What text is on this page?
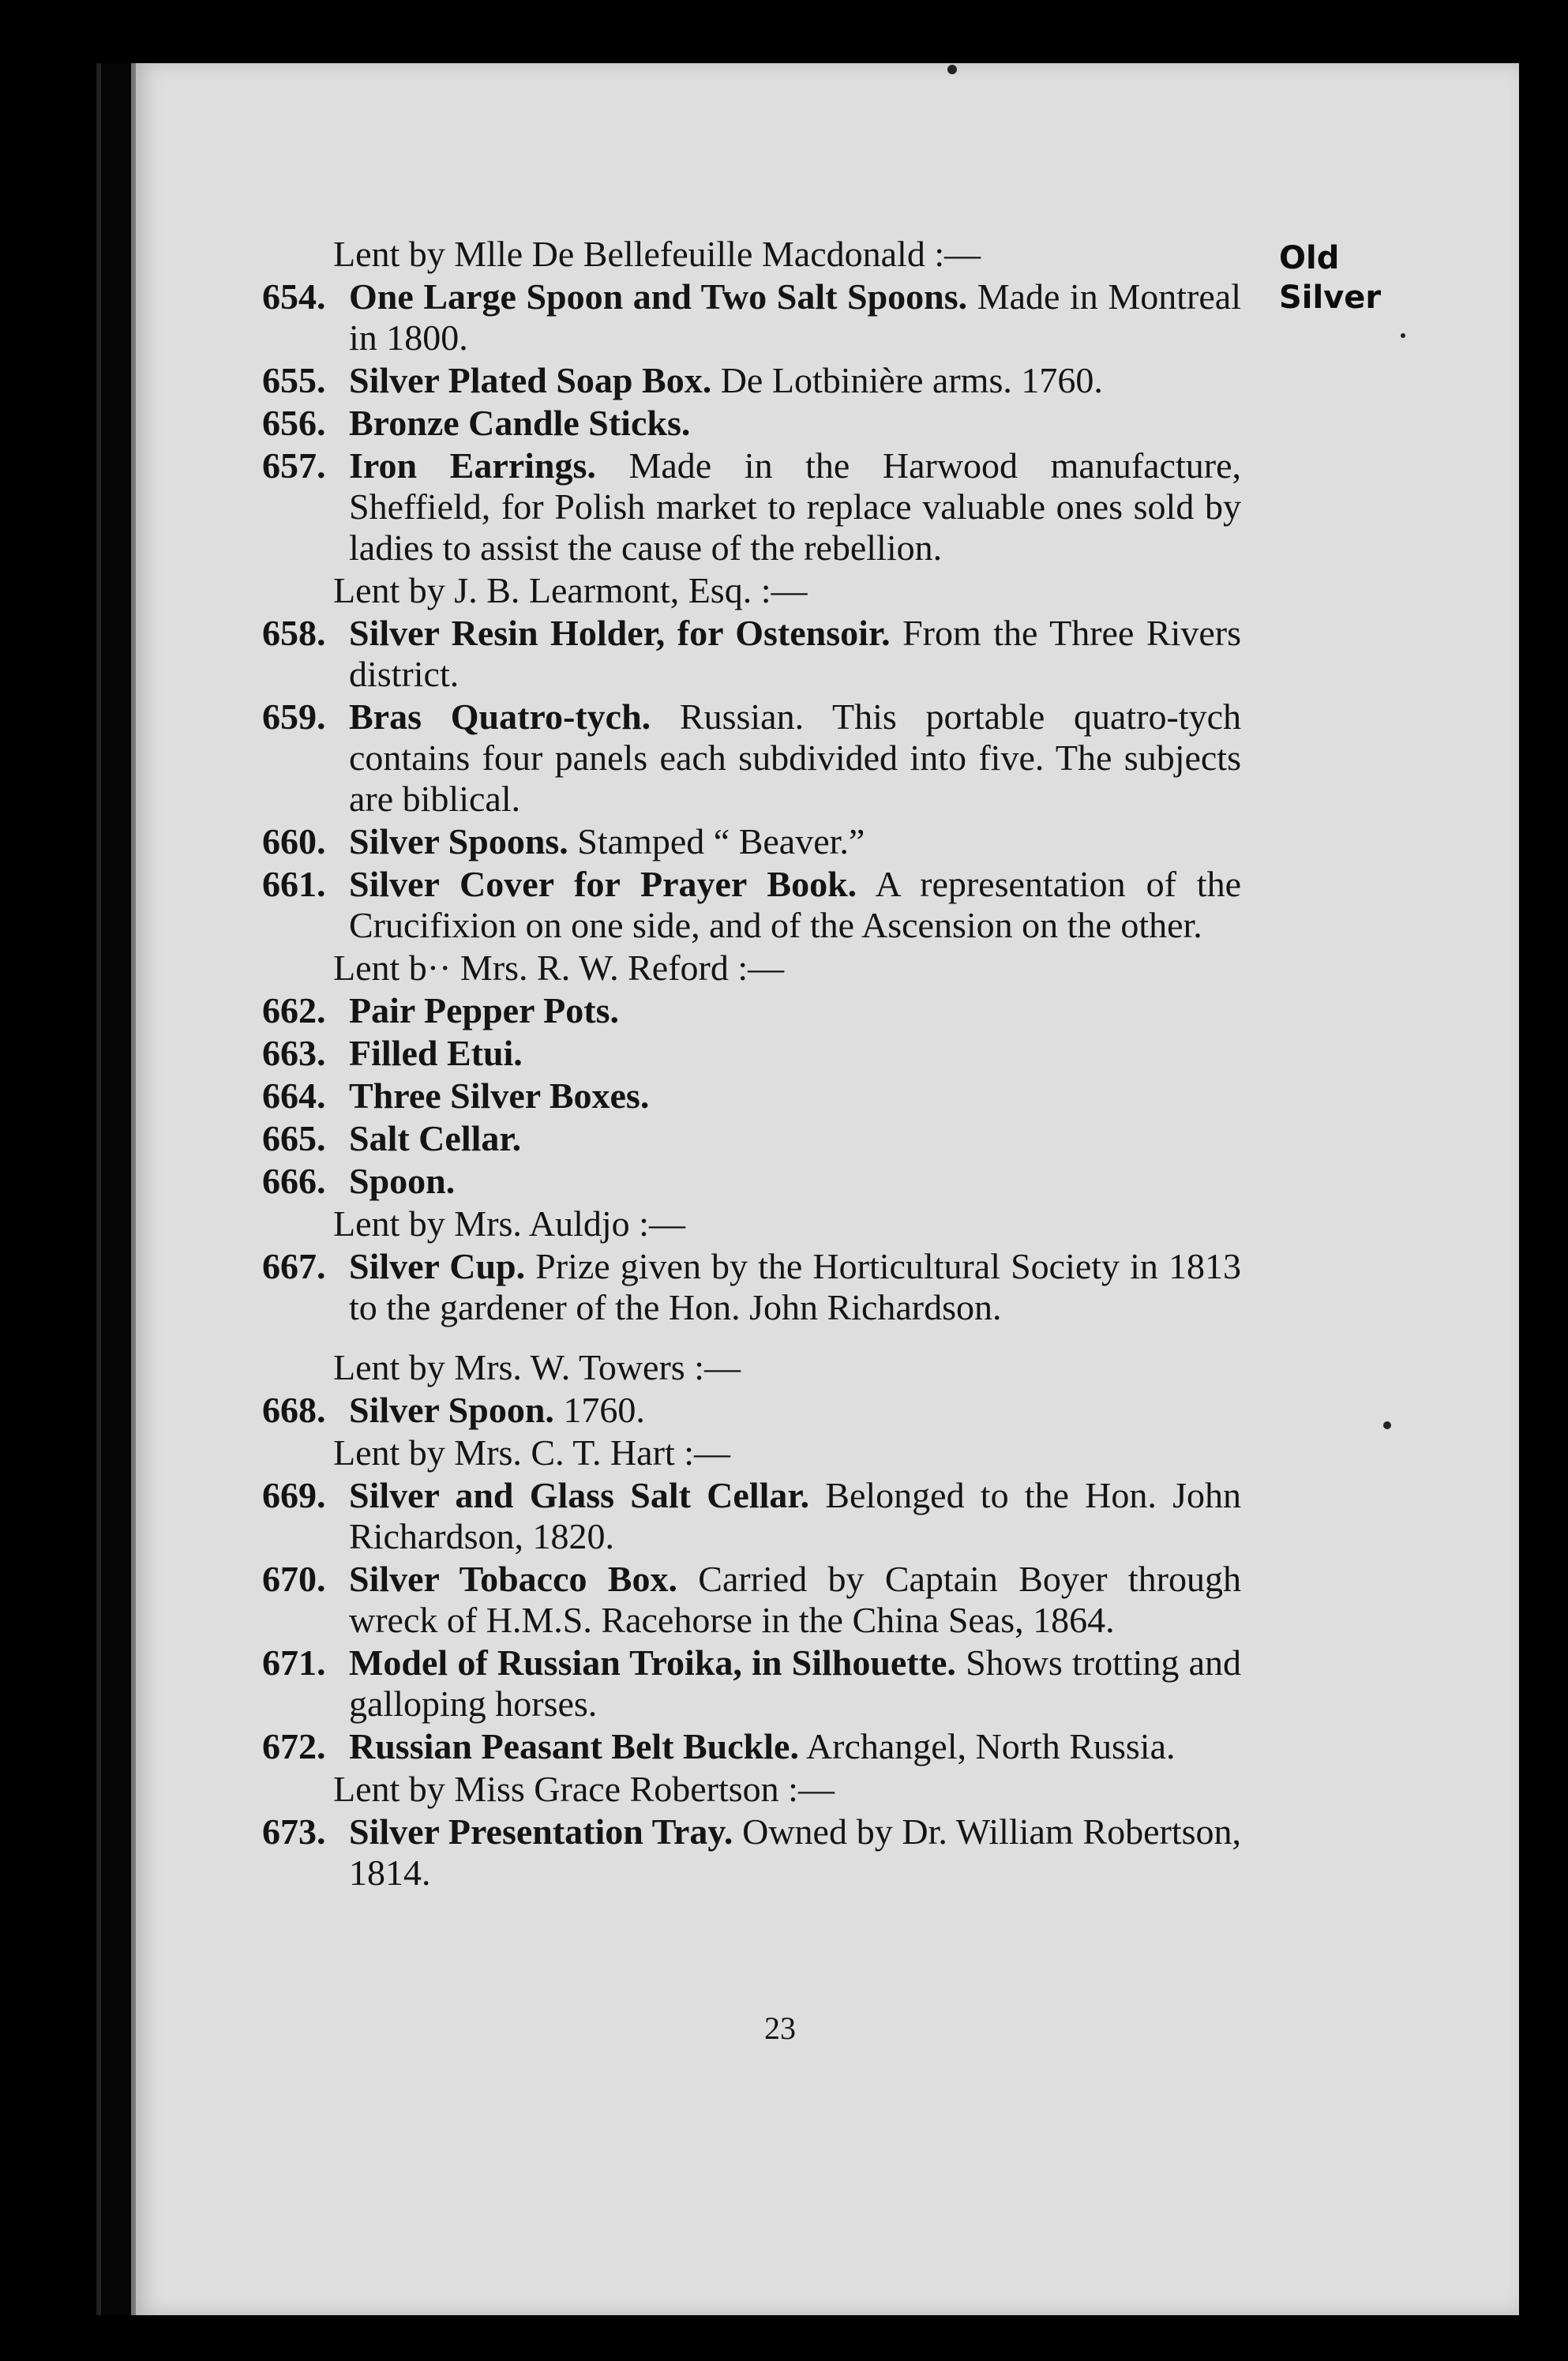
Lent by Mlle De Bellefeuille Macdonald :—
654. One Large Spoon and Two Salt Spoons. Made in Montreal in 1800.
655. Silver Plated Soap Box. De Lotbinière arms. 1760.
656. Bronze Candle Sticks.
657. Iron Earrings. Made in the Harwood manufacture, Sheffield, for Polish market to replace valuable ones sold by ladies to assist the cause of the rebellion.
Lent by J. B. Learmont, Esq. :—
658. Silver Resin Holder, for Ostensoir. From the Three Rivers district.
659. Bras Quatro-tych. Russian. This portable quatro-tych contains four panels each subdivided into five. The subjects are biblical.
660. Silver Spoons. Stamped “ Beaver.”
661. Silver Cover for Prayer Book. A representation of the Crucifixion on one side, and of the Ascension on the other.
Lent b·· Mrs. R. W. Reford :—
662. Pair Pepper Pots.
663. Filled Etui.
664. Three Silver Boxes.
665. Salt Cellar.
666. Spoon.
Lent by Mrs. Auldjo :—
667. Silver Cup. Prize given by the Horticultural Society in 1813 to the gardener of the Hon. John Richardson.
Lent by Mrs. W. Towers :—
668. Silver Spoon. 1760.
Lent by Mrs. C. T. Hart :—
669. Silver and Glass Salt Cellar. Belonged to the Hon. John Richardson, 1820.
670. Silver Tobacco Box. Carried by Captain Boyer through wreck of H.M.S. Racehorse in the China Seas, 1864.
671. Model of Russian Troika, in Silhouette. Shows trotting and galloping horses.
672. Russian Peasant Belt Buckle. Archangel, North Russia.
Lent by Miss Grace Robertson :—
673. Silver Presentation Tray. Owned by Dr. William Robertson, 1814.
Old
Silver
23
